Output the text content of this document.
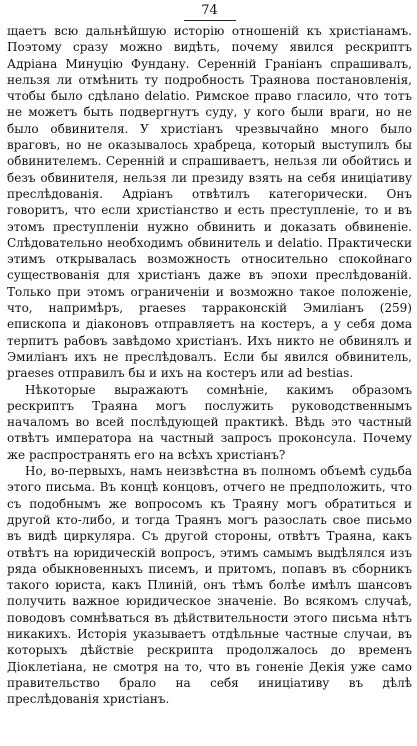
74

щаетъ всю дальнѣйшую исторію отношеній къ христіанамъ. Поэтому сразу можно видѣть, почему явился рескриптъ Адріана Минуцію Фундану. Серенній Граніанъ спрашивалъ, нельзя ли отмѣнить ту подробность Траянова постановленія, чтобы было сдѣлано delatio. Римское право гласило, что тотъ не можетъ быть подвергнутъ суду, у кого были враги, но не было обвинителя. У христіанъ чрезвычайно много было враговъ, но не оказывалось храбреца, который выступилъ бы обвинителемъ. Серенній и спрашиваетъ, нельзя ли обойтись и безъ обвинителя, нельзя ли президу взять на себя иниціативу преслѣдованія. Адріанъ отвѣтилъ категорически. Онъ говоритъ, что если христіанство и есть преступленіе, то и въ этомъ преступленіи нужно обвинить и доказать обвиненіе. Слѣдовательно необходимъ обвинитель и delatio. Практически этимъ открывалась возможность относительно спокойнаго существованія для христіанъ даже въ эпохи преслѣдованій. Только при этомъ ограниченіи и возможно такое положеніе, что, напримѣръ, praeses тарраконскій Эмиліанъ (259) епископа и діаконовъ отправляетъ на костеръ, а у себя дома терпитъ рабовъ завѣдомо христіанъ. Ихъ никто не обвинялъ и Эмиліанъ ихъ не преслѣдовалъ. Если бы явился обвинитель, praeses отправилъ бы и ихъ на костеръ или ad bestias.

Нѣкоторые выражаютъ сомнѣніе, какимъ образомъ рескриптъ Траяна могъ послужить руководственнымъ началомъ во всей послѣдующей практикѣ. Вѣдь это частный отвѣтъ императора на частный запросъ проконсула. Почему же распространять его на всѣхъ христіанъ?

Но, во-первыхъ, намъ неизвѣстна въ полномъ объемѣ судьба этого письма. Въ концѣ концовъ, отчего не предположить, что съ подобнымъ же вопросомъ къ Траяну могъ обратиться и другой кто-либо, и тогда Траянъ могъ разослать свое письмо въ видѣ циркуляра. Съ другой стороны, отвѣтъ Траяна, какъ отвѣтъ на юридическій вопросъ, этимъ самымъ выдѣлялся изъ ряда обыкновенныхъ писемъ, и притомъ, попавъ въ сборникъ такого юриста, какъ Плиній, онъ тѣмъ болѣе имѣлъ шансовъ получить важное юридическое значеніе. Во всякомъ случаѣ, поводовъ сомнѣваться въ дѣйствительности этого письма нѣтъ никакихъ. Исторія указываетъ отдѣльные частные случаи, въ которыхъ дѣйствіе рескрипта продолжалось до временъ Діоклетіана, не смотря на то, что въ гоненіе Декія уже само правительство брало на себя иниціативу въ дѣлѣ преслѣдованія христіанъ.
